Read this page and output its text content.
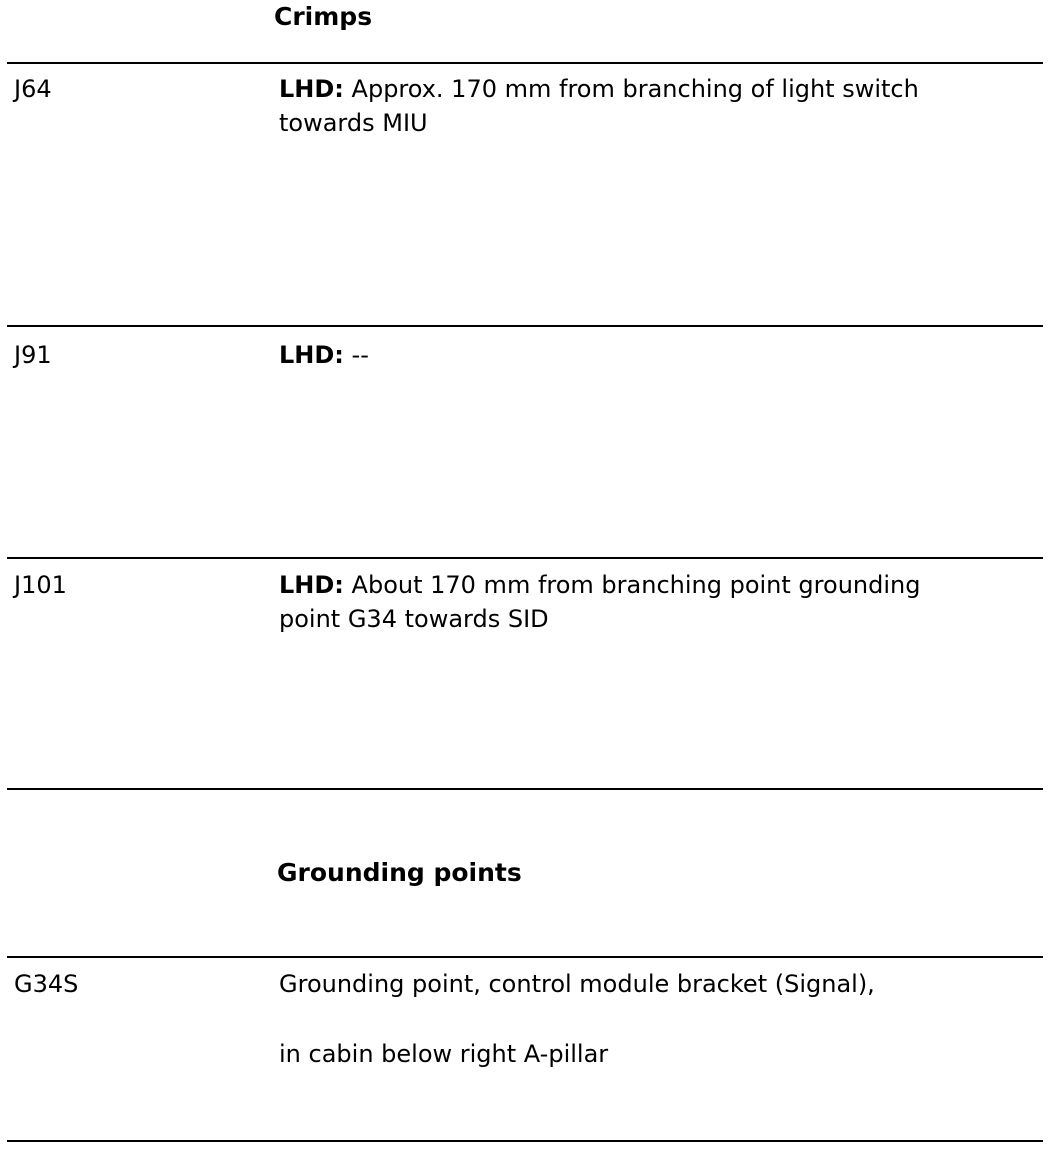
Crimps
J64	LHD: Approx. 170 mm from branching of light switch
towards MIU
J91	LHD: --
J101	LHD: About 170 mm from branching point grounding
point G34 towards SID
Grounding points
G34S	Grounding point, control module bracket (Signal),
in cabin below right A-pillar
